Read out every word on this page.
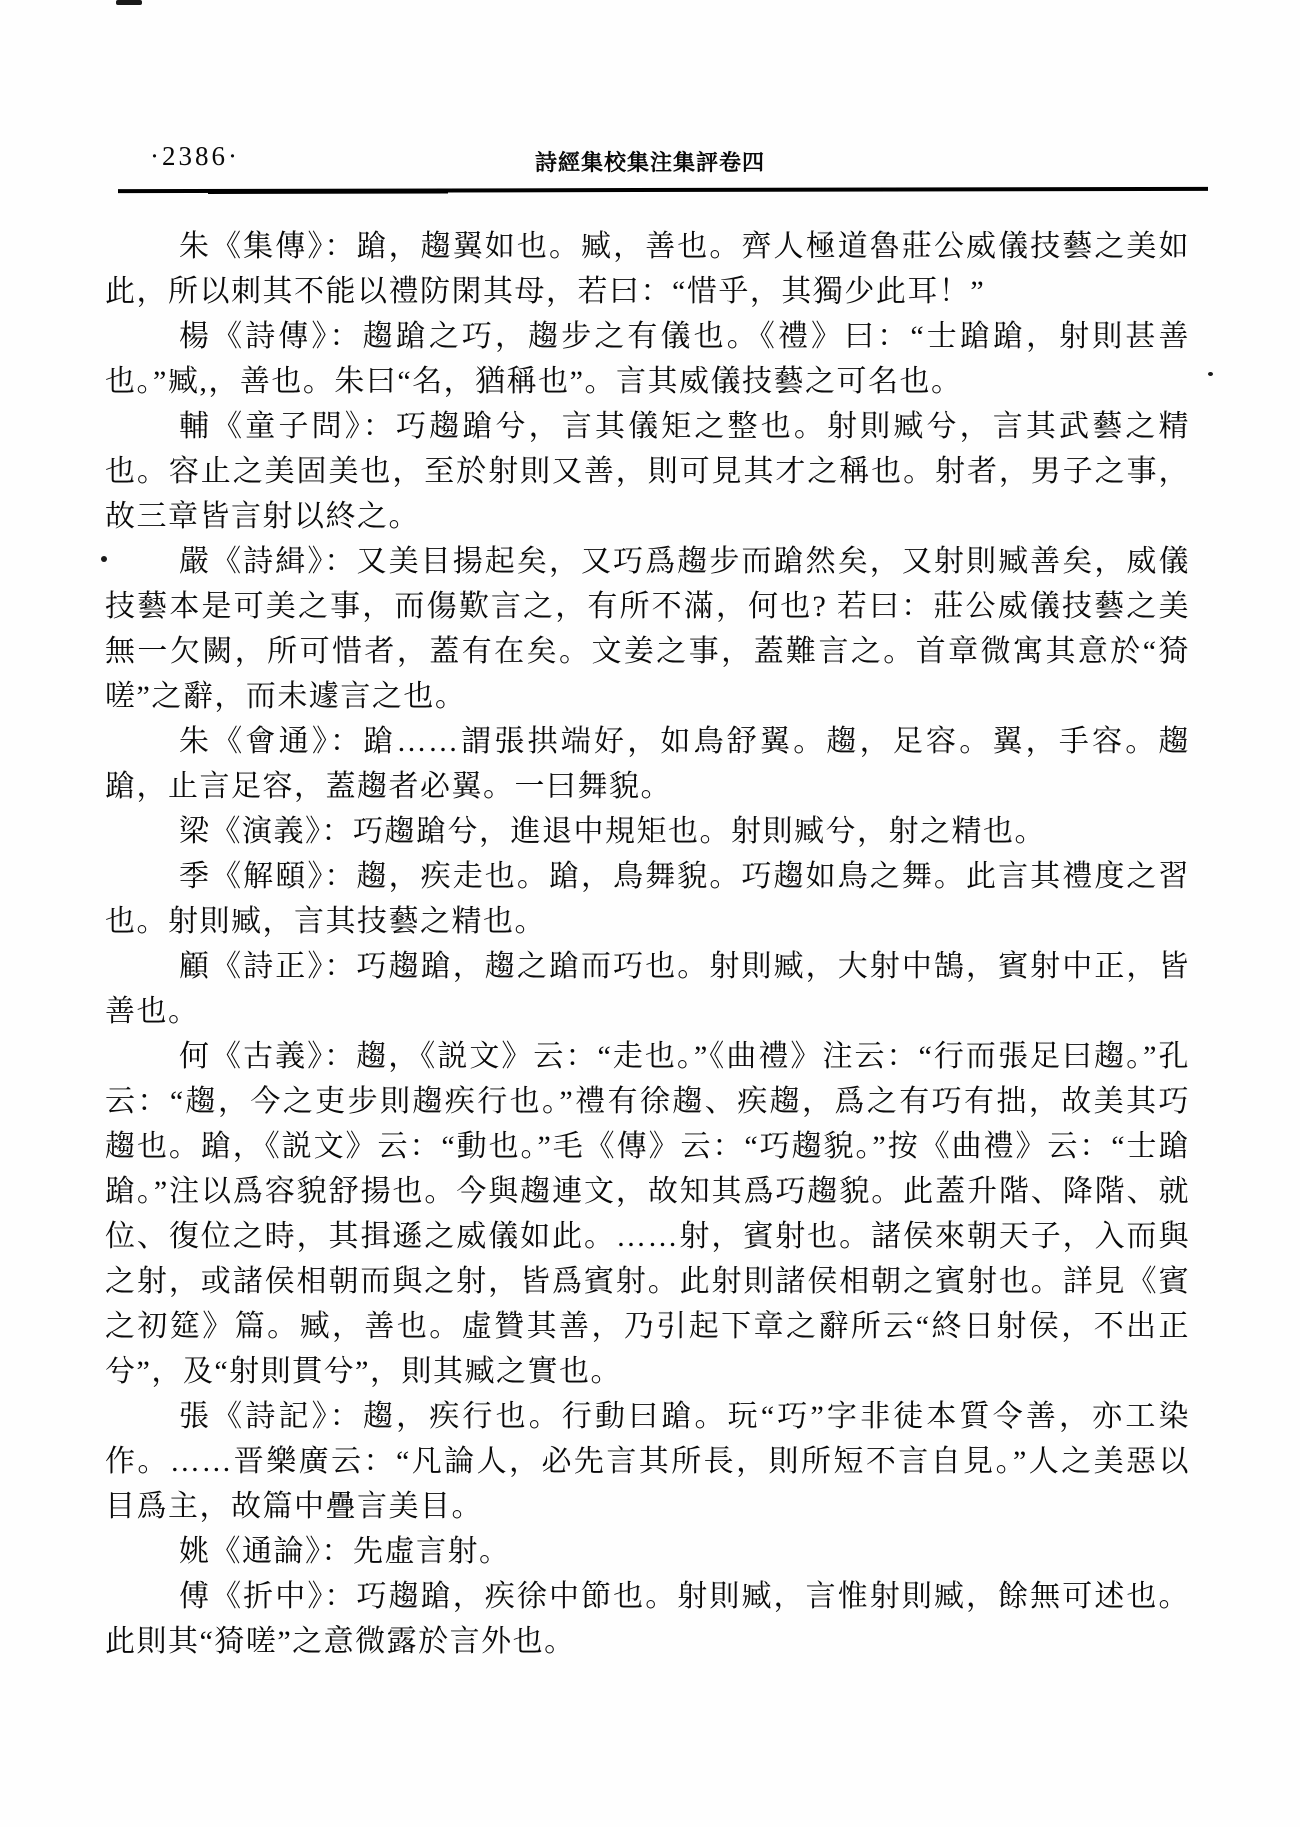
·2386·	詩經集校集注集評卷四

朱《集傳》：蹌，趨翼如也。臧，善也。齊人極道魯莊公威儀技藝之美如此，所以刺其不能以禮防閑其母，若曰：“惜乎，其獨少此耳！”

楊《詩傳》：趨蹌之巧，趨步之有儀也。《禮》曰：“士蹌蹌，射則甚善也。”臧,，善也。朱曰“名，猶稱也”。言其威儀技藝之可名也。

輔《童子問》：巧趨蹌兮，言其儀矩之整也。射則臧兮，言其武藝之精也。容止之美固美也，至於射則又善，則可見其才之稱也。射者，男子之事，故三章皆言射以終之。

嚴《詩緝》：又美目揚起矣，又巧爲趨步而蹌然矣，又射則臧善矣，威儀技藝本是可美之事，而傷歎言之，有所不滿，何也? 若曰：莊公威儀技藝之美無一欠闕，所可惜者，蓋有在矣。文姜之事，蓋難言之。首章微寓其意於“猗嗟”之辭，而未遽言之也。

朱《會通》：蹌……謂張拱端好，如鳥舒翼。趨，足容。翼，手容。趨蹌，止言足容，蓋趨者必翼。一曰舞貌。

梁《演義》：巧趨蹌兮，進退中規矩也。射則臧兮，射之精也。

季《解頤》：趨，疾走也。蹌，鳥舞貌。巧趨如鳥之舞。此言其禮度之習也。射則臧，言其技藝之精也。

顧《詩正》：巧趨蹌，趨之蹌而巧也。射則臧，大射中鵠，賓射中正，皆善也。

何《古義》：趨，《説文》云：“走也。”《曲禮》注云：“行而張足曰趨。”孔云：“趨，今之吏步則趨疾行也。”禮有徐趨、疾趨，爲之有巧有拙，故美其巧趨也。蹌，《説文》云：“動也。”毛《傳》云：“巧趨貌。”按《曲禮》云：“士蹌蹌。”注以爲容貌舒揚也。今與趨連文，故知其爲巧趨貌。此蓋升階、降階、就位、復位之時，其揖遜之威儀如此。……射，賓射也。諸侯來朝天子，入而與之射，或諸侯相朝而與之射，皆爲賓射。此射則諸侯相朝之賓射也。詳見《賓之初筵》篇。臧，善也。虛贊其善，乃引起下章之辭所云“終日射侯，不出正兮”，及“射則貫兮”，則其臧之實也。

張《詩記》：趨，疾行也。行動曰蹌。玩“巧”字非徒本質令善，亦工染作。……晋樂廣云：“凡論人，必先言其所長，則所短不言自見。”人之美惡以目爲主，故篇中疊言美目。

姚《通論》：先虛言射。

傅《折中》：巧趨蹌，疾徐中節也。射則臧，言惟射則臧，餘無可述也。此則其“猗嗟”之意微露於言外也。
